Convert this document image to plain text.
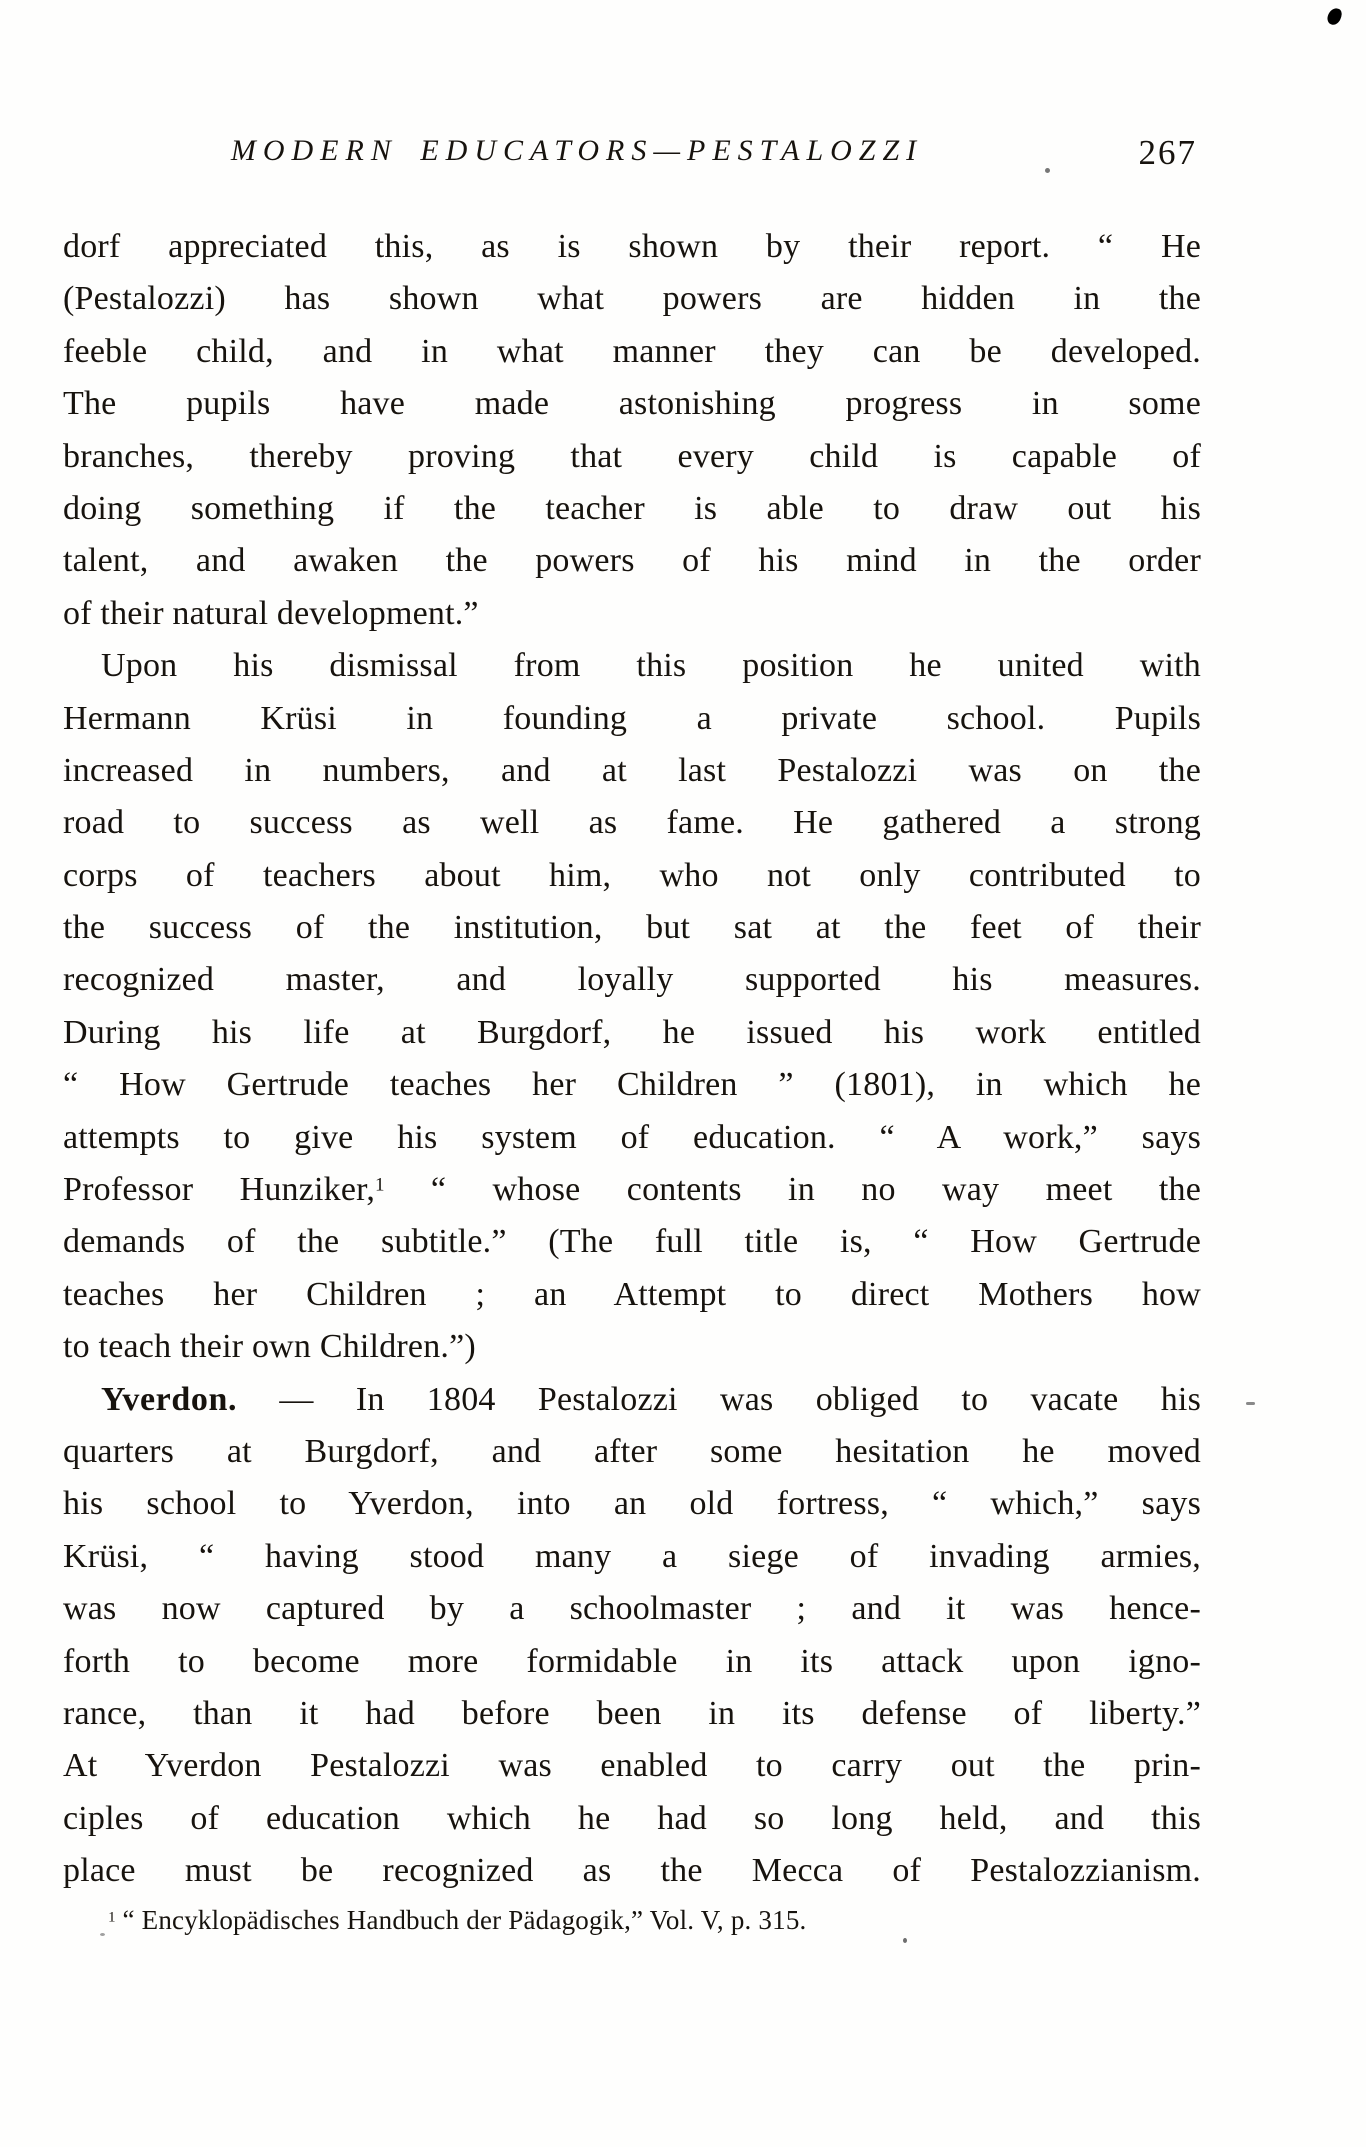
MODERN EDUCATORS—PESTALOZZI	267
dorf appreciated this, as is shown by their report. “ He
(Pestalozzi) has shown what powers are hidden in the
feeble child, and in what manner they can be developed.
The pupils have made astonishing progress in some
branches, thereby proving that every child is capable of
doing something if the teacher is able to draw out his
talent, and awaken the powers of his mind in the order
of their natural development.”
Upon his dismissal from this position he united with
Hermann Krüsi in founding a private school. Pupils
increased in numbers, and at last Pestalozzi was on the
road to success as well as fame. He gathered a strong
corps of teachers about him, who not only contributed to
the success of the institution, but sat at the feet of their
recognized master, and loyally supported his measures.
During his life at Burgdorf, he issued his work entitled
“ How Gertrude teaches her Children ” (1801), in which he
attempts to give his system of education. “ A work,” says
Professor Hunziker,$^1$ “ whose contents in no way meet the
demands of the subtitle.” (The full title is, “ How Gertrude
teaches her Children ; an Attempt to direct Mothers how
to teach their own Children.”)
Yverdon. — In 1804 Pestalozzi was obliged to vacate his
quarters at Burgdorf, and after some hesitation he moved
his school to Yverdon, into an old fortress, “ which,” says
Krüsi, “ having stood many a siege of invading armies,
was now captured by a schoolmaster ; and it was hence-
forth to become more formidable in its attack upon igno-
rance, than it had before been in its defense of liberty.”
At Yverdon Pestalozzi was enabled to carry out the prin-
ciples of education which he had so long held, and this
place must be recognized as the Mecca of Pestalozzianism.
$^1$ “ Encyklopädisches Handbuch der Pädagogik,” Vol. V, p. 315.
